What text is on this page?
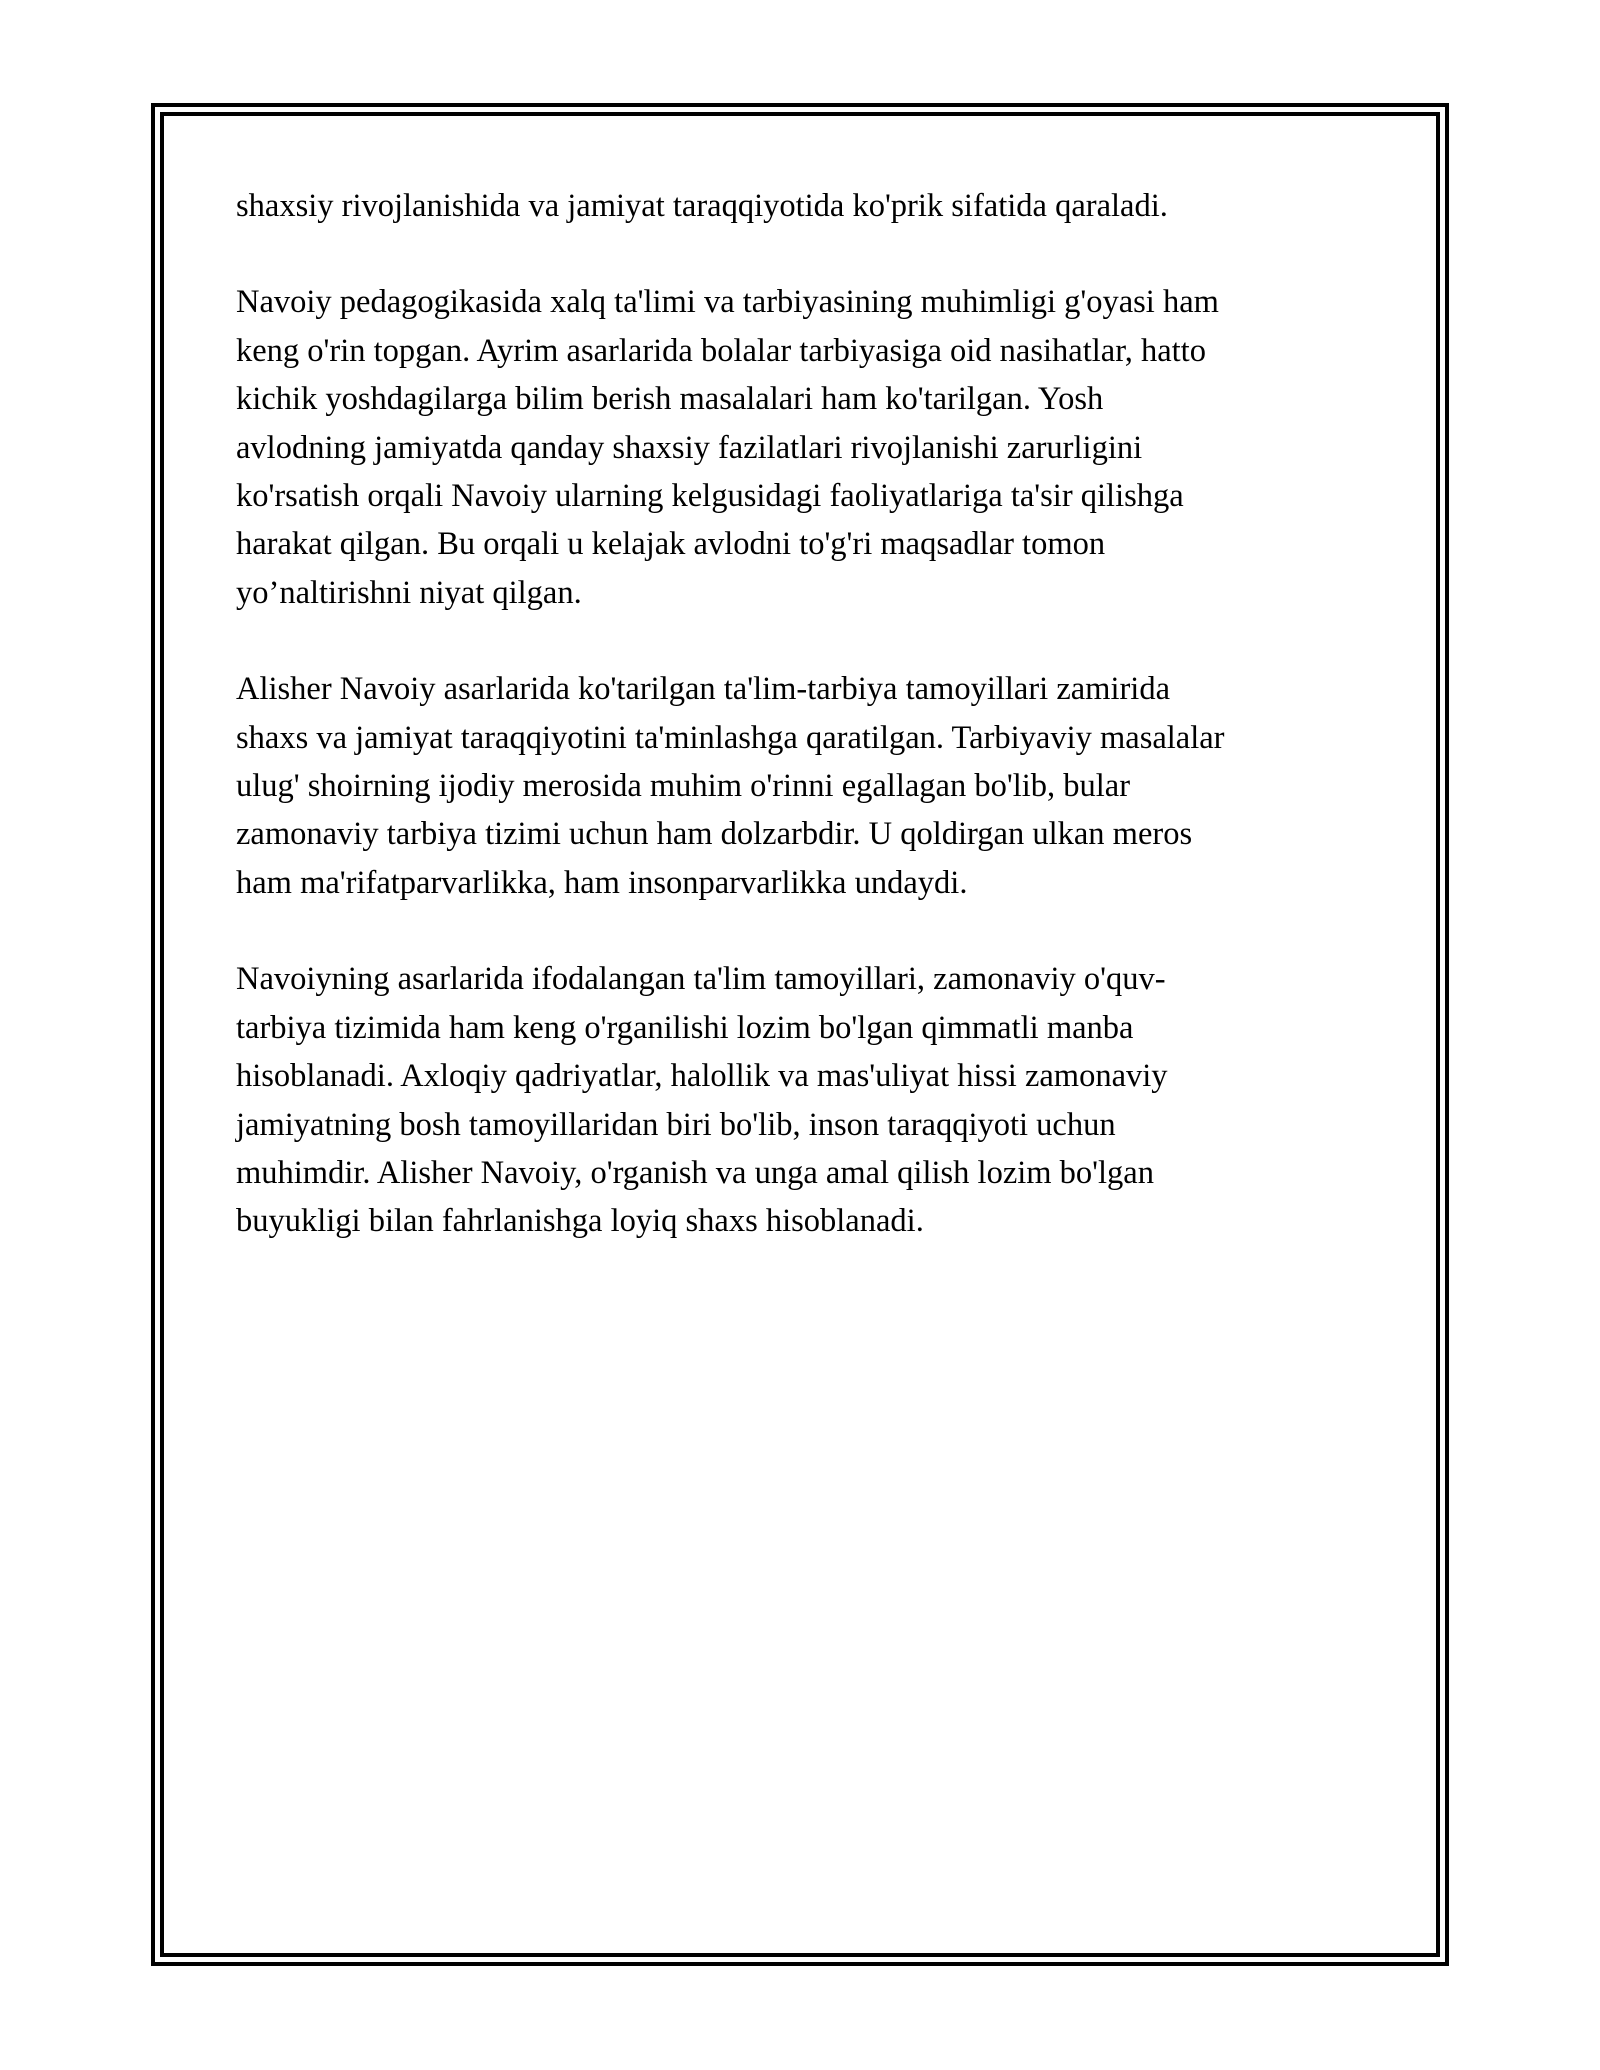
shaxsiy rivojlanishida va jamiyat taraqqiyotida ko'prik sifatida qaraladi.

Navoiy pedagogikasida xalq ta'limi va tarbiyasining muhimligi g'oyasi ham
keng o'rin topgan. Ayrim asarlarida bolalar tarbiyasiga oid nasihatlar, hatto
kichik yoshdagilarga bilim berish masalalari ham ko'tarilgan. Yosh
avlodning jamiyatda qanday shaxsiy fazilatlari rivojlanishi zarurligini
ko'rsatish orqali Navoiy ularning kelgusidagi faoliyatlariga ta'sir qilishga
harakat qilgan. Bu orqali u kelajak avlodni to'g'ri maqsadlar tomon
yo’naltirishni niyat qilgan.

Alisher Navoiy asarlarida ko'tarilgan ta'lim-tarbiya tamoyillari zamirida
shaxs va jamiyat taraqqiyotini ta'minlashga qaratilgan. Tarbiyaviy masalalar
ulug' shoirning ijodiy merosida muhim o'rinni egallagan bo'lib, bular
zamonaviy tarbiya tizimi uchun ham dolzarbdir. U qoldirgan ulkan meros
ham ma'rifatparvarlikka, ham insonparvarlikka undaydi.

Navoiyning asarlarida ifodalangan ta'lim tamoyillari, zamonaviy o'quv-
tarbiya tizimida ham keng o'rganilishi lozim bo'lgan qimmatli manba
hisoblanadi. Axloqiy qadriyatlar, halollik va mas'uliyat hissi zamonaviy
jamiyatning bosh tamoyillaridan biri bo'lib, inson taraqqiyoti uchun
muhimdir. Alisher Navoiy, o'rganish va unga amal qilish lozim bo'lgan
buyukligi bilan fahrlanishga loyiq shaxs hisoblanadi.
